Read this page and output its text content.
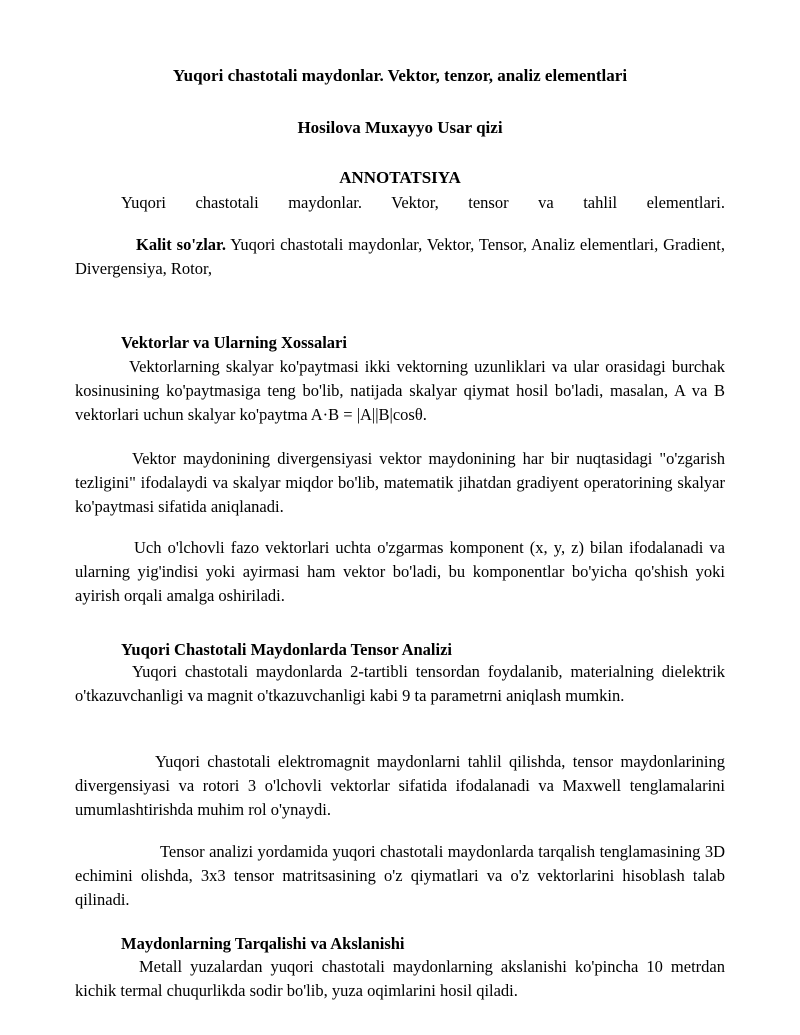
Yuqori chastotali maydonlar. Vektor, tenzor, analiz elementlari
Hosilova Muxayyo Usar qizi
ANNOTATSIYA
Yuqori chastotali maydonlar. Vektor, tensor va tahlil elementlari.
Kalit so'zlar. Yuqori chastotali maydonlar, Vektor, Tensor, Analiz elementlari, Gradient, Divergensiya, Rotor,
Vektorlar va Ularning Xossalari
Vektorlarning skalyar ko'paytmasi ikki vektorning uzunliklari va ular orasidagi burchak kosinusining ko'paytmasiga teng bo'lib, natijada skalyar qiymat hosil bo'ladi, masalan, A va B vektorlari uchun skalyar ko'paytma A·B = |A||B|cosθ.
Vektor maydonining divergensiyasi vektor maydonining har bir nuqtasidagi "o'zgarish tezligini" ifodalaydi va skalyar miqdor bo'lib, matematik jihatdan gradiyent operatorining skalyar ko'paytmasi sifatida aniqlanadi.
Uch o'lchovli fazo vektorlari uchta o'zgarmas komponent (x, y, z) bilan ifodalanadi va ularning yig'indisi yoki ayirmasi ham vektor bo'ladi, bu komponentlar bo'yicha qo'shish yoki ayirish orqali amalga oshiriladi.
Yuqori Chastotali Maydonlarda Tensor Analizi
Yuqori chastotali maydonlarda 2-tartibli tensordan foydalanib, materialning dielektrik o'tkazuvchanligi va magnit o'tkazuvchanligi kabi 9 ta parametrni aniqlash mumkin.
Yuqori chastotali elektromagnit maydonlarni tahlil qilishda, tensor maydonlarining divergensiyasi va rotori 3 o'lchovli vektorlar sifatida ifodalanadi va Maxwell tenglamalarini umumlashtirishda muhim rol o'ynaydi.
Tensor analizi yordamida yuqori chastotali maydonlarda tarqalish tenglamasining 3D echimini olishda, 3x3 tensor matritsasining o'z qiymatlari va o'z vektorlarini hisoblash talab qilinadi.
Maydonlarning Tarqalishi va Akslanishi
Metall yuzalardan yuqori chastotali maydonlarning akslanishi ko'pincha 10 metrdan kichik termal chuqurlikda sodir bo'lib, yuza oqimlarini hosil qiladi.
